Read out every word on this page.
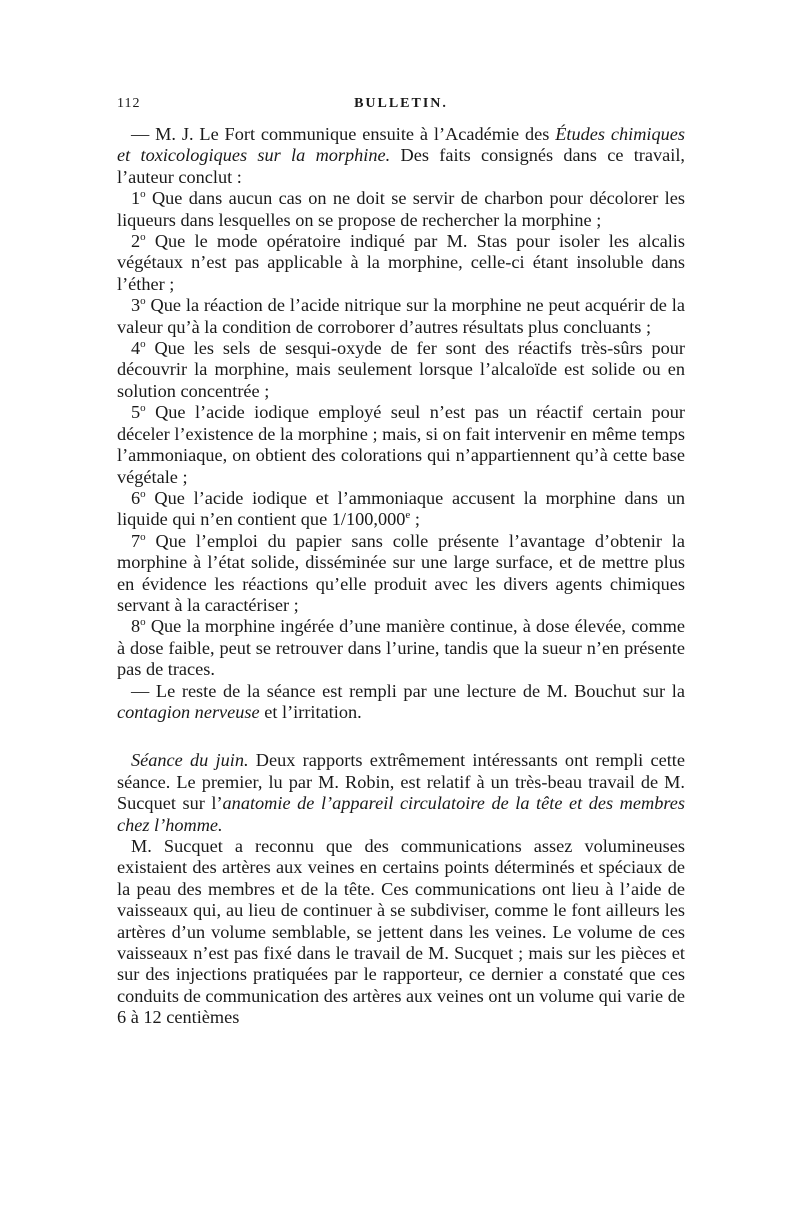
112	BULLETIN.

— M. J. Le Fort communique ensuite à l’Académie des Études chimiques et toxicologiques sur la morphine. Des faits consignés dans ce travail, l’auteur conclut :

1$^o$ Que dans aucun cas on ne doit se servir de charbon pour décolorer les liqueurs dans lesquelles on se propose de rechercher la morphine ;

2$^o$ Que le mode opératoire indiqué par M. Stas pour isoler les alcalis végétaux n’est pas applicable à la morphine, celle-ci étant insoluble dans l’éther ;

3$^o$ Que la réaction de l’acide nitrique sur la morphine ne peut acquérir de la valeur qu’à la condition de corroborer d’autres résultats plus concluants ;

4$^o$ Que les sels de sesqui-oxyde de fer sont des réactifs très-sûrs pour découvrir la morphine, mais seulement lorsque l’alcaloïde est solide ou en solution concentrée ;

5$^o$ Que l’acide iodique employé seul n’est pas un réactif certain pour déceler l’existence de la morphine ; mais, si on fait intervenir en même temps l’ammoniaque, on obtient des colorations qui n’appartiennent qu’à cette base végétale ;

6$^o$ Que l’acide iodique et l’ammoniaque accusent la morphine dans un liquide qui n’en contient que 1/100,000e ;

7$^o$ Que l’emploi du papier sans colle présente l’avantage d’obtenir la morphine à l’état solide, disséminée sur une large surface, et de mettre plus en évidence les réactions qu’elle produit avec les divers agents chimiques servant à la caractériser ;

8$^o$ Que la morphine ingérée d’une manière continue, à dose élevée, comme à dose faible, peut se retrouver dans l’urine, tandis que la sueur n’en présente pas de traces.

— Le reste de la séance est rempli par une lecture de M. Bouchut sur la contagion nerveuse et l’irritation.

Séance du juin. Deux rapports extrêmement intéressants ont rempli cette séance. Le premier, lu par M. Robin, est relatif à un très-beau travail de M. Sucquet sur l’anatomie de l’appareil circulatoire de la tête et des membres chez l’homme.

M. Sucquet a reconnu que des communications assez volumineuses existaient des artères aux veines en certains points déterminés et spéciaux de la peau des membres et de la tête. Ces communications ont lieu à l’aide de vaisseaux qui, au lieu de continuer à se subdiviser, comme le font ailleurs les artères d’un volume semblable, se jettent dans les veines. Le volume de ces vaisseaux n’est pas fixé dans le travail de M. Sucquet ; mais sur les pièces et sur des injections pratiquées par le rapporteur, ce dernier a constaté que ces conduits de communication des artères aux veines ont un volume qui varie de 6 à 12 centièmes
